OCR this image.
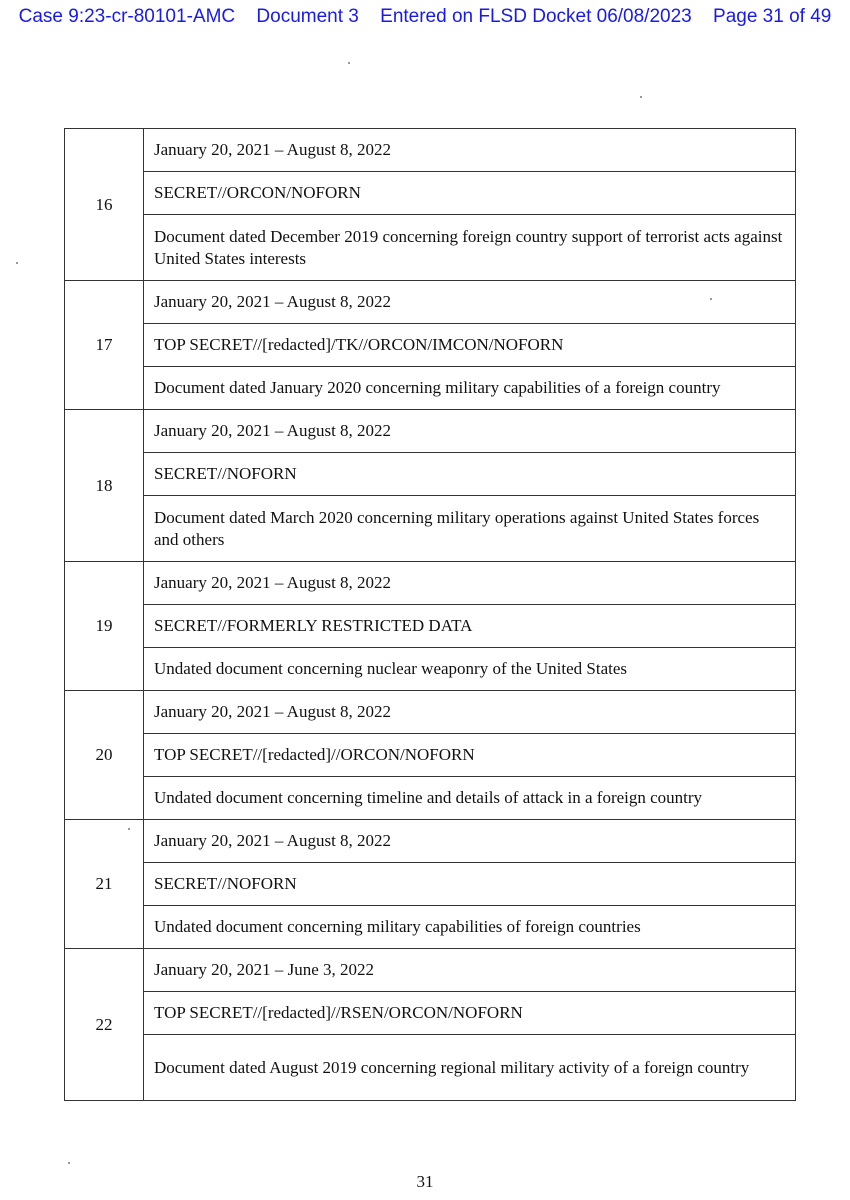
Case 9:23-cr-80101-AMC Document 3 Entered on FLSD Docket 06/08/2023 Page 31 of 49
16	January 20, 2021 – August 8, 2022
	SECRET//ORCON/NOFORN
	Document dated December 2019 concerning foreign country support of terrorist acts against United States interests
17	January 20, 2021 – August 8, 2022
	TOP SECRET//[redacted]/TK//ORCON/IMCON/NOFORN
	Document dated January 2020 concerning military capabilities of a foreign country
18	January 20, 2021 – August 8, 2022
	SECRET//NOFORN
	Document dated March 2020 concerning military operations against United States forces and others
19	January 20, 2021 – August 8, 2022
	SECRET//FORMERLY RESTRICTED DATA
	Undated document concerning nuclear weaponry of the United States
20	January 20, 2021 – August 8, 2022
	TOP SECRET//[redacted]//ORCON/NOFORN
	Undated document concerning timeline and details of attack in a foreign country
21	January 20, 2021 – August 8, 2022
	SECRET//NOFORN
	Undated document concerning military capabilities of foreign countries
22	January 20, 2021 – June 3, 2022
	TOP SECRET//[redacted]//RSEN/ORCON/NOFORN
	Document dated August 2019 concerning regional military activity of a foreign country
31
